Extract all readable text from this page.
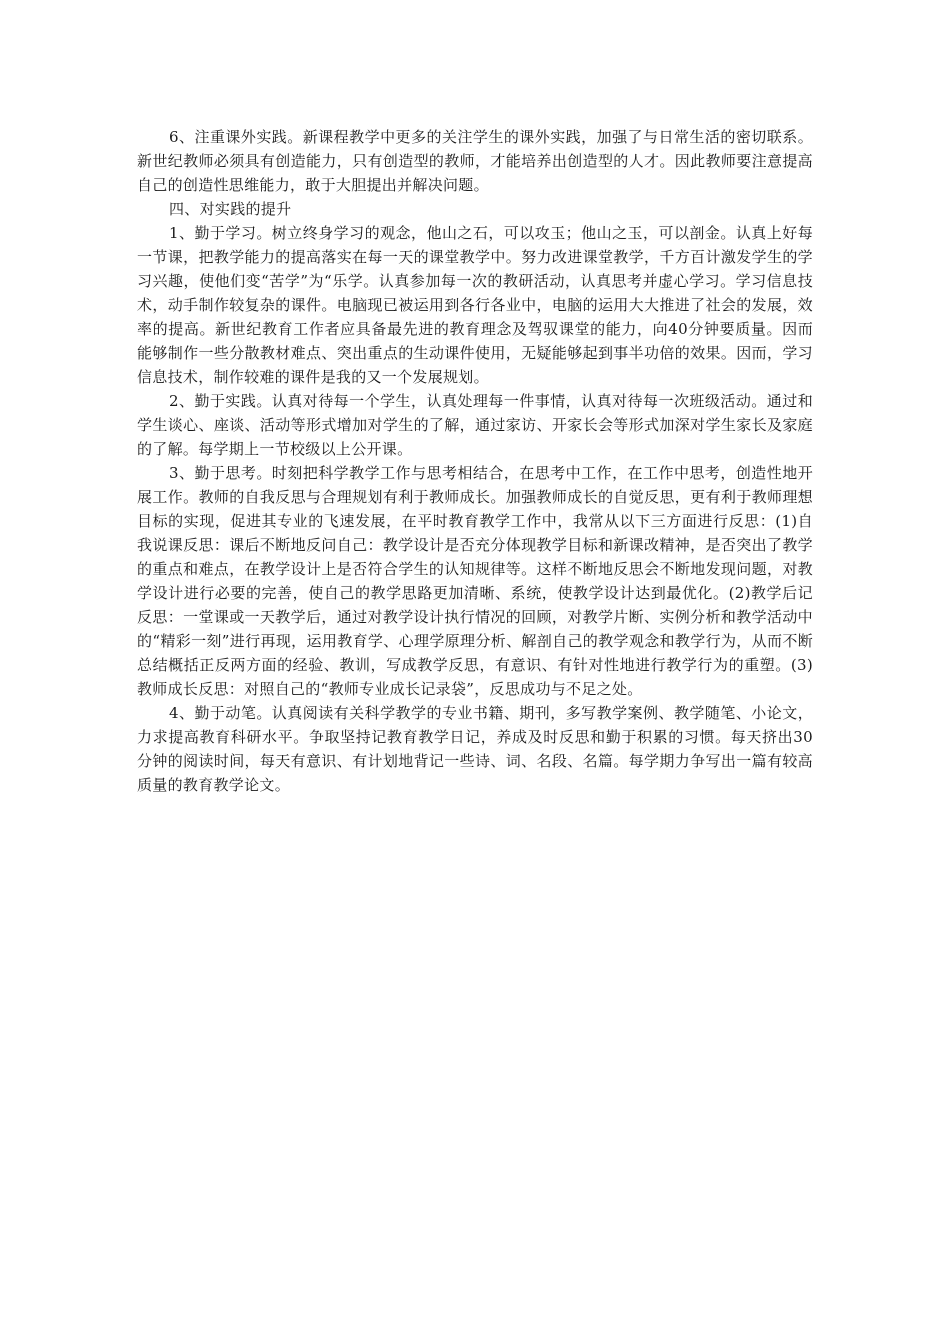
6、注重课外实践。新课程教学中更多的关注学生的课外实践，加强了与日常生活的密切联系。新世纪教师必须具有创造能力，只有创造型的教师，才能培养出创造型的人才。因此教师要注意提高自己的创造性思维能力，敢于大胆提出并解决问题。

四、对实践的提升

1、勤于学习。树立终身学习的观念，他山之石，可以攻玉；他山之玉，可以剖金。认真上好每一节课，把教学能力的提高落实在每一天的课堂教学中。努力改进课堂教学，千方百计激发学生的学习兴趣，使他们变“苦学”为“乐学。认真参加每一次的教研活动，认真思考并虚心学习。学习信息技术，动手制作较复杂的课件。电脑现已被运用到各行各业中，电脑的运用大大推进了社会的发展，效率的提高。新世纪教育工作者应具备最先进的教育理念及驾驭课堂的能力，向40分钟要质量。因而能够制作一些分散教材难点、突出重点的生动课件使用，无疑能够起到事半功倍的效果。因而，学习信息技术，制作较难的课件是我的又一个发展规划。

2、勤于实践。认真对待每一个学生，认真处理每一件事情，认真对待每一次班级活动。通过和学生谈心、座谈、活动等形式增加对学生的了解，通过家访、开家长会等形式加深对学生家长及家庭的了解。每学期上一节校级以上公开课。

3、勤于思考。时刻把科学教学工作与思考相结合，在思考中工作，在工作中思考，创造性地开展工作。教师的自我反思与合理规划有利于教师成长。加强教师成长的自觉反思，更有利于教师理想目标的实现，促进其专业的飞速发展，在平时教育教学工作中，我常从以下三方面进行反思：(1)自我说课反思：课后不断地反问自己：教学设计是否充分体现教学目标和新课改精神，是否突出了教学的重点和难点，在教学设计上是否符合学生的认知规律等。这样不断地反思会不断地发现问题，对教学设计进行必要的完善，使自己的教学思路更加清晰、系统，使教学设计达到最优化。(2)教学后记反思：一堂课或一天教学后，通过对教学设计执行情况的回顾，对教学片断、实例分析和教学活动中的“精彩一刻”进行再现，运用教育学、心理学原理分析、解剖自己的教学观念和教学行为，从而不断总结概括正反两方面的经验、教训，写成教学反思，有意识、有针对性地进行教学行为的重塑。(3)教师成长反思：对照自己的“教师专业成长记录袋”，反思成功与不足之处。

4、勤于动笔。认真阅读有关科学教学的专业书籍、期刊，多写教学案例、教学随笔、小论文，力求提高教育科研水平。争取坚持记教育教学日记，养成及时反思和勤于积累的习惯。每天挤出30分钟的阅读时间，每天有意识、有计划地背记一些诗、词、名段、名篇。每学期力争写出一篇有较高质量的教育教学论文。
